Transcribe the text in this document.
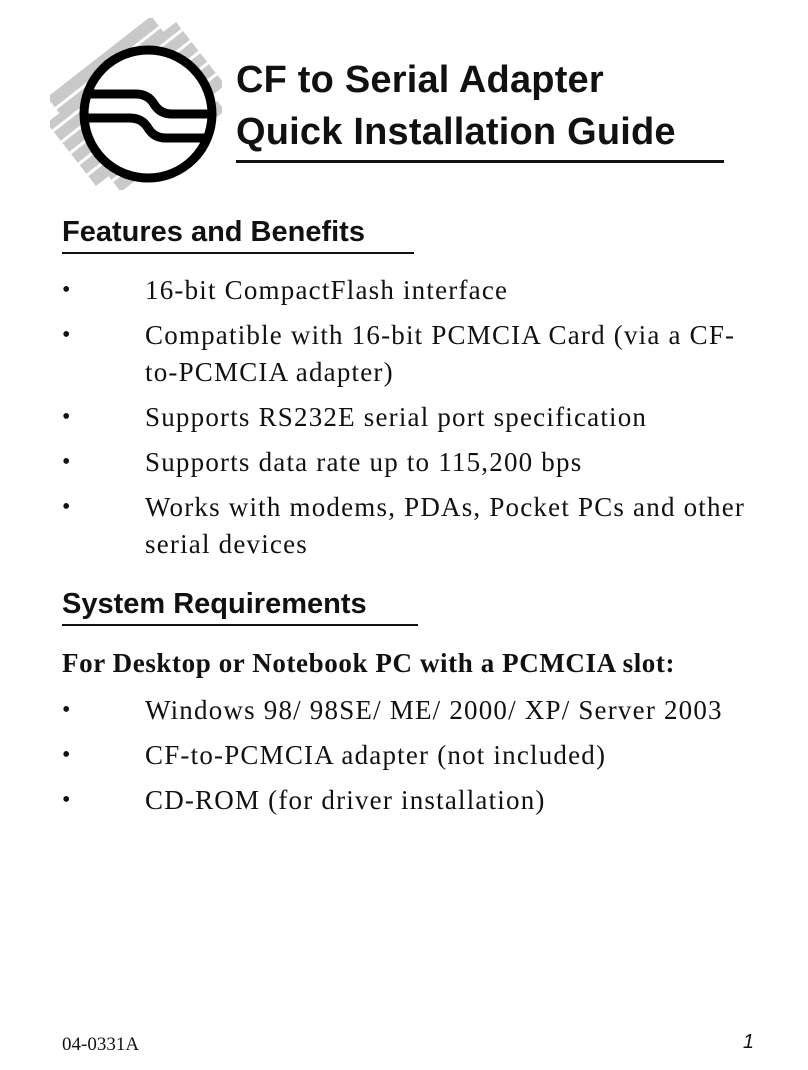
CF to Serial Adapter

Quick Installation Guide

Features and Benefits
•	16-bit CompactFlash interface
•	Compatible with 16-bit PCMCIA Card (via a CF-to-PCMCIA adapter)
•	Supports RS232E serial port specification
•	Supports data rate up to 115,200 bps
•	Works with modems, PDAs, Pocket PCs and other serial devices
System Requirements

For Desktop or Notebook PC with a PCMCIA slot:

•	Windows 98/ 98SE/ ME/ 2000/ XP/ Server 2003
•	CF-to-PCMCIA adapter (not included)
•	CD-ROM (for driver installation)
04-0331A	1
